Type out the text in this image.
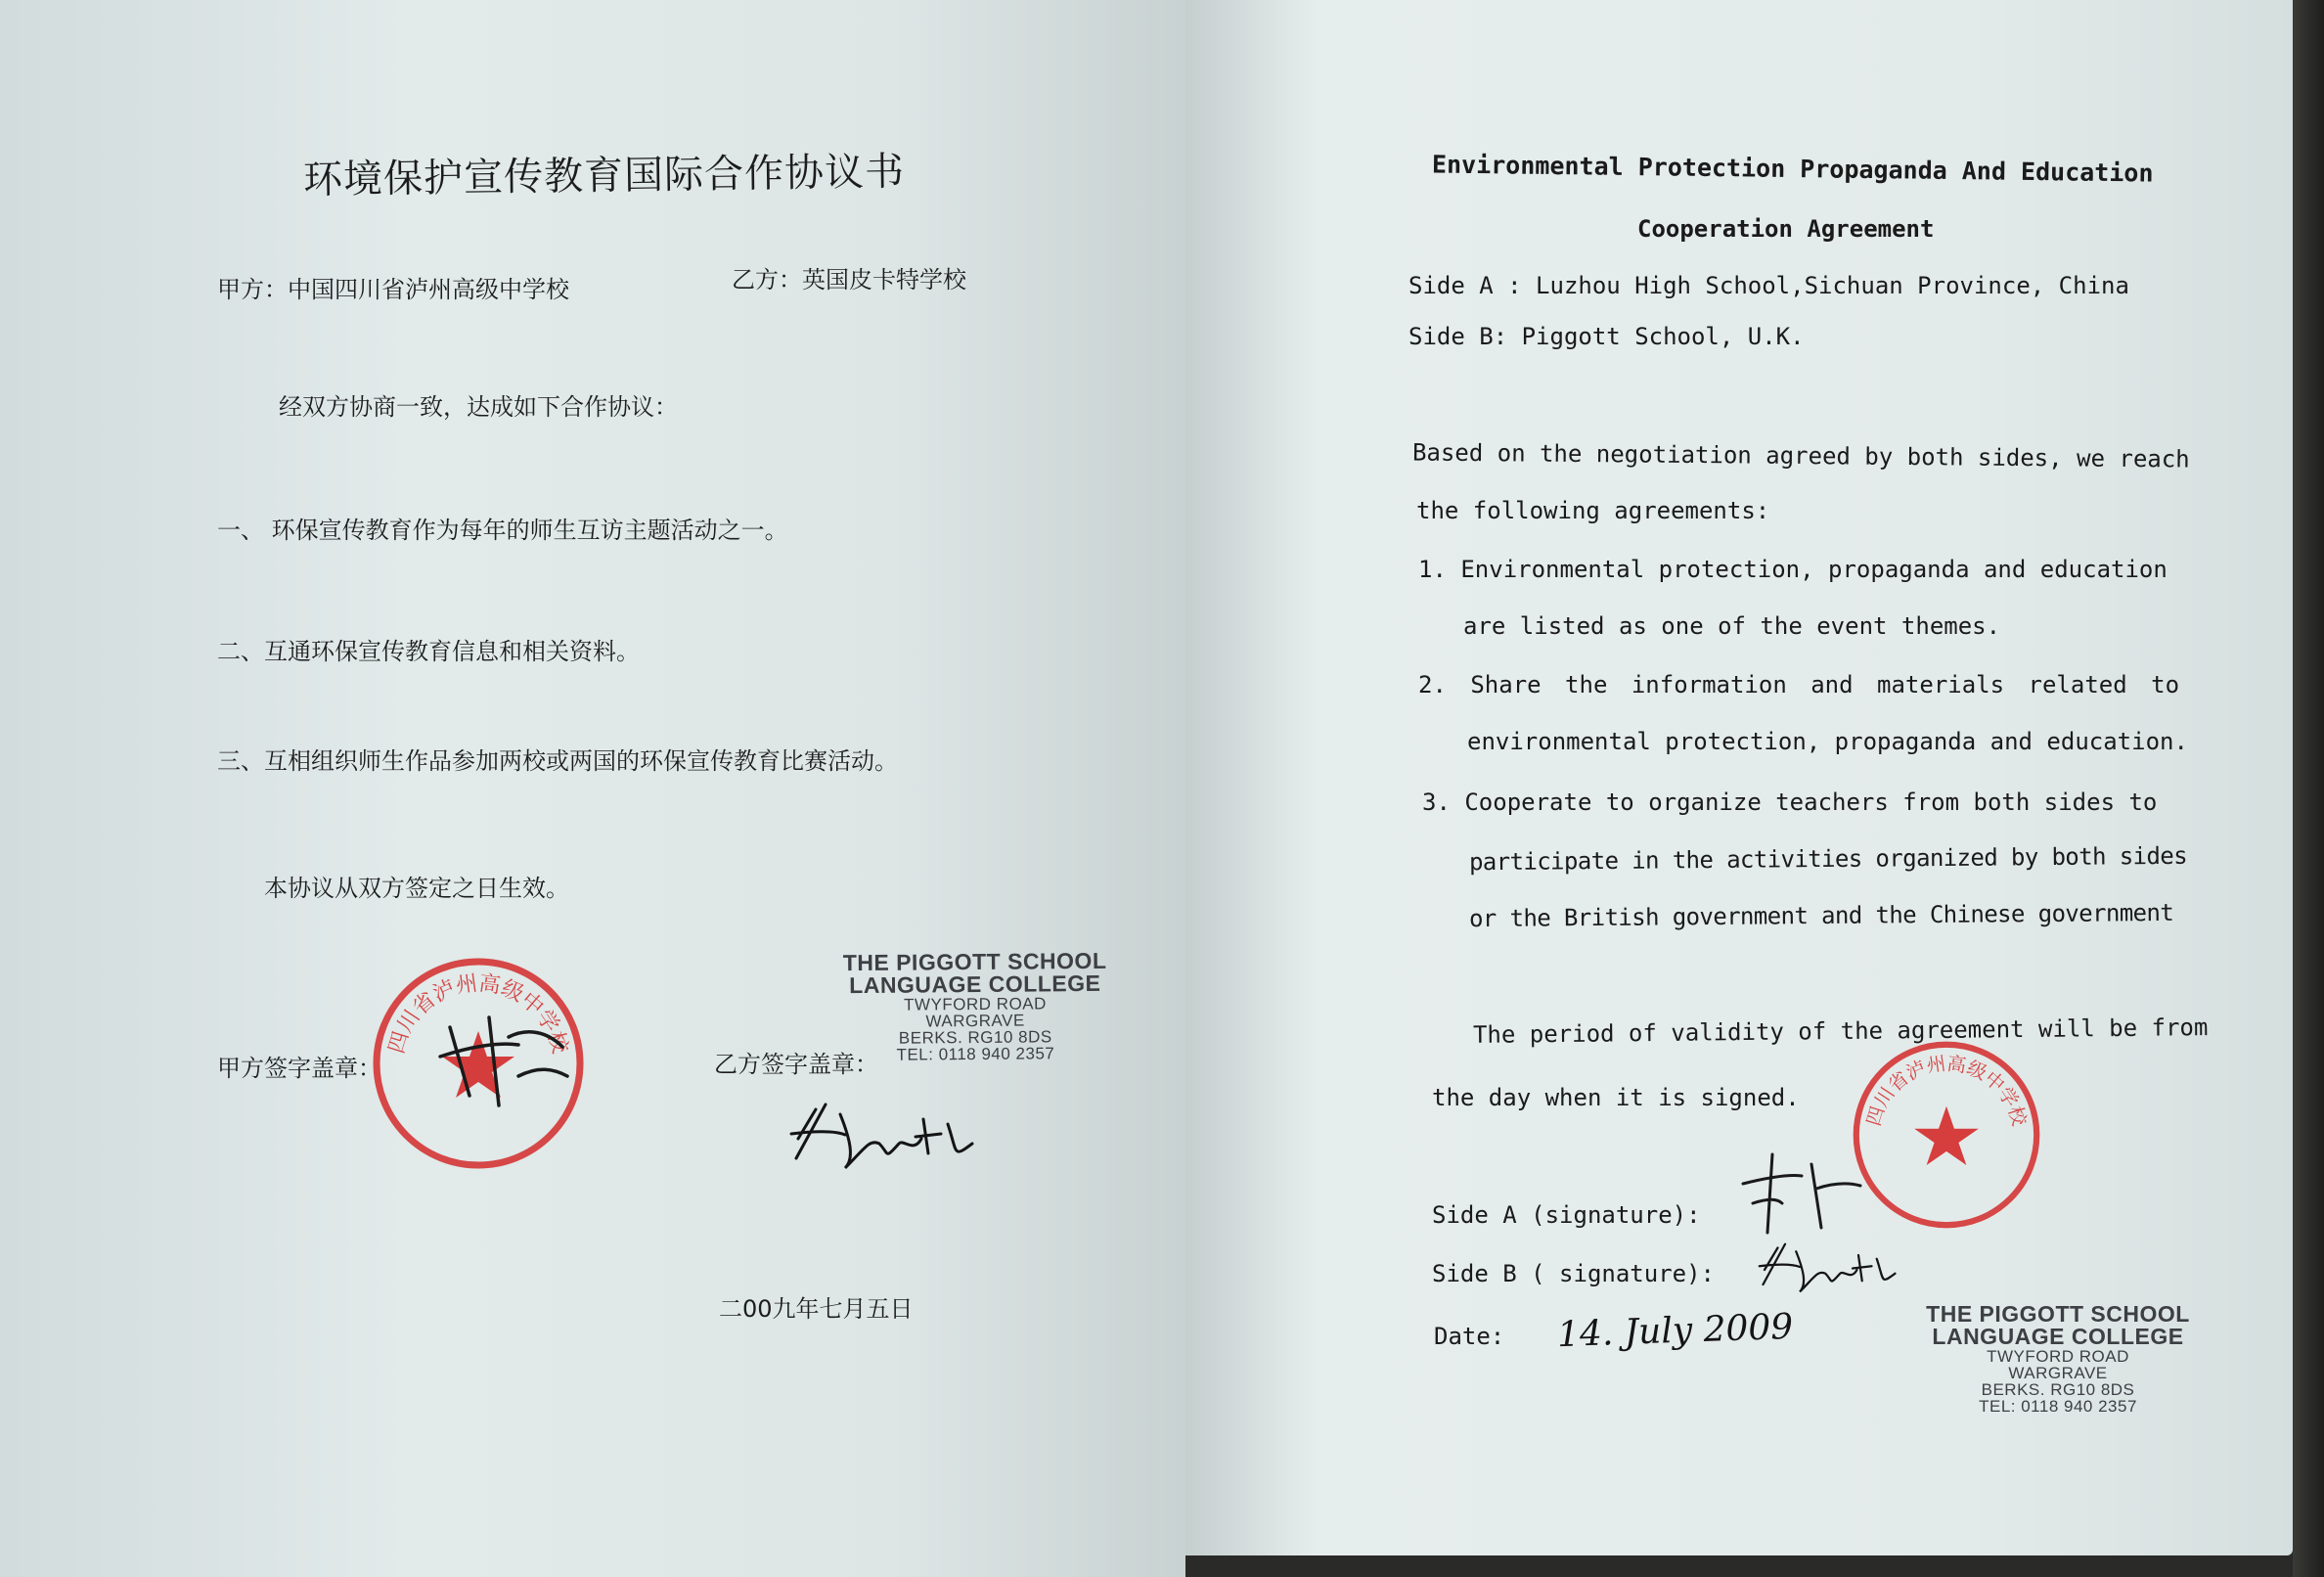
环境保护宣传教育国际合作协议书
甲方：中国四川省泸州高级中学校	乙方：英国皮卡特学校
经双方协商一致，达成如下合作协议：
一、 环保宣传教育作为每年的师生互访主题活动之一。
二、互通环保宣传教育信息和相关资料。
三、互相组织师生作品参加两校或两国的环保宣传教育比赛活动。
本协议从双方签定之日生效。
THE PIGGOTT SCHOOL
LANGUAGE COLLEGE
TWYFORD ROAD
WARGRAVE
BERKS. RG10 8DS
TEL: 0118 940 2357
甲方签字盖章：	乙方签字盖章：
四川省泸州高级中学校
二00九年七月五日
Environmental Protection Propaganda And Education
Cooperation Agreement
Side A : Luzhou High School,Sichuan Province, China
Side B: Piggott School, U.K.
Based on the negotiation agreed by both sides, we reach
the following agreements:
1. Environmental protection, propaganda and education
are listed as one of the event themes.
2. Share the information and materials related to
environmental protection, propaganda and education.
3. Cooperate to organize teachers from both sides to
participate in the activities organized by both sides
or the British government and the Chinese government
The period of validity of the agreement will be from
the day when it is signed.
四川省泸州高级中学校
Side A (signature):
Side B ( signature):
Date: 14. July 2009	THE PIGGOTT SCHOOL
LANGUAGE COLLEGE
TWYFORD ROAD
WARGRAVE
BERKS. RG10 8DS
TEL: 0118 940 2357
